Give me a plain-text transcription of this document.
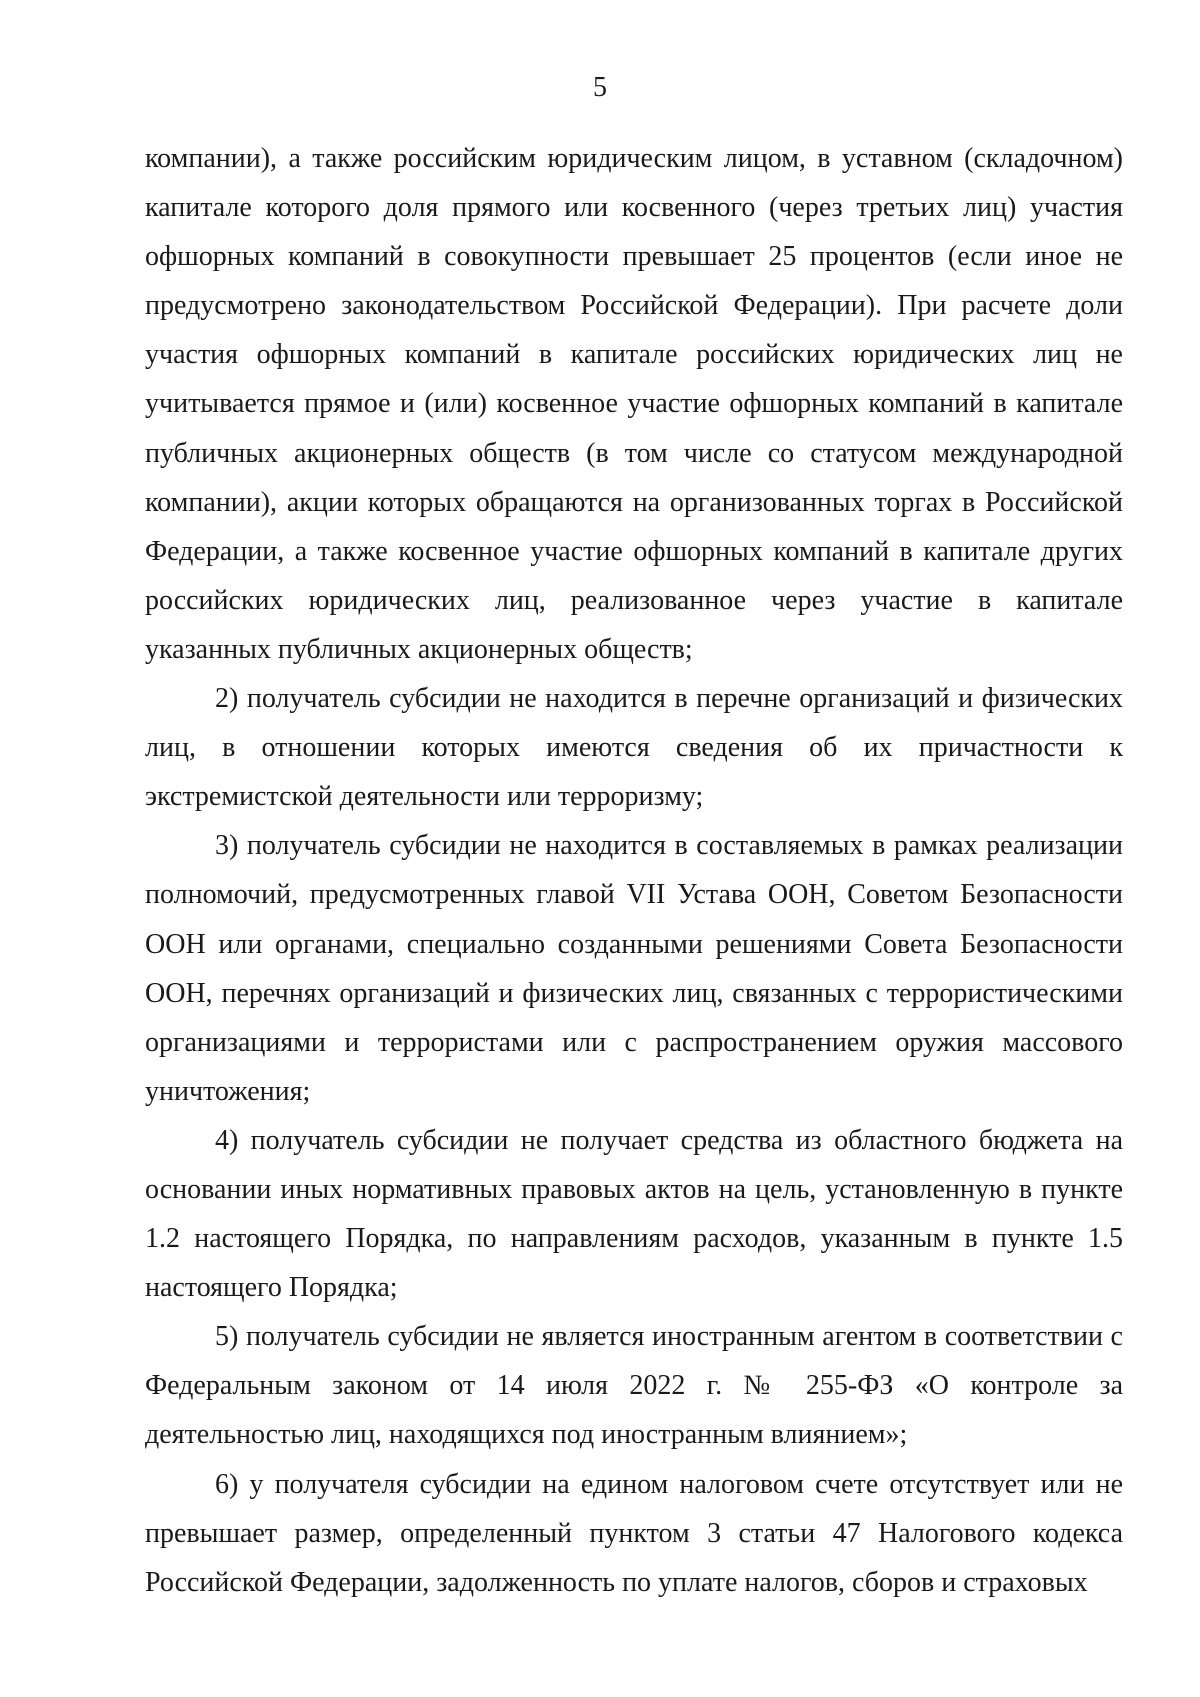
5

компании), а также российским юридическим лицом, в уставном (складочном) капитале которого доля прямого или косвенного (через третьих лиц) участия офшорных компаний в совокупности превышает 25 процентов (если иное не предусмотрено законодательством Российской Федерации). При расчете доли участия офшорных компаний в капитале российских юридических лиц не учитывается прямое и (или) косвенное участие офшорных компаний в капитале публичных акционерных обществ (в том числе со статусом международной компании), акции которых обращаются на организованных торгах в Российской Федерации, а также косвенное участие офшорных компаний в капитале других российских юридических лиц, реализованное через участие в капитале указанных публичных акционерных обществ;

2) получатель субсидии не находится в перечне организаций и физических лиц, в отношении которых имеются сведения об их причастности к экстремистской деятельности или терроризму;

3) получатель субсидии не находится в составляемых в рамках реализации полномочий, предусмотренных главой VII Устава ООН, Советом Безопасности ООН или органами, специально созданными решениями Совета Безопасности ООН, перечнях организаций и физических лиц, связанных с террористическими организациями и террористами или с распространением оружия массового уничтожения;

4) получатель субсидии не получает средства из областного бюджета на основании иных нормативных правовых актов на цель, установленную в пункте 1.2 настоящего Порядка, по направлениям расходов, указанным в пункте 1.5 настоящего Порядка;

5) получатель субсидии не является иностранным агентом в соответствии с Федеральным законом от 14 июля 2022 г. № 255-ФЗ «О контроле за деятельностью лиц, находящихся под иностранным влиянием»;

6) у получателя субсидии на едином налоговом счете отсутствует или не превышает размер, определенный пунктом 3 статьи 47 Налогового кодекса Российской Федерации, задолженность по уплате налогов, сборов и страховых
